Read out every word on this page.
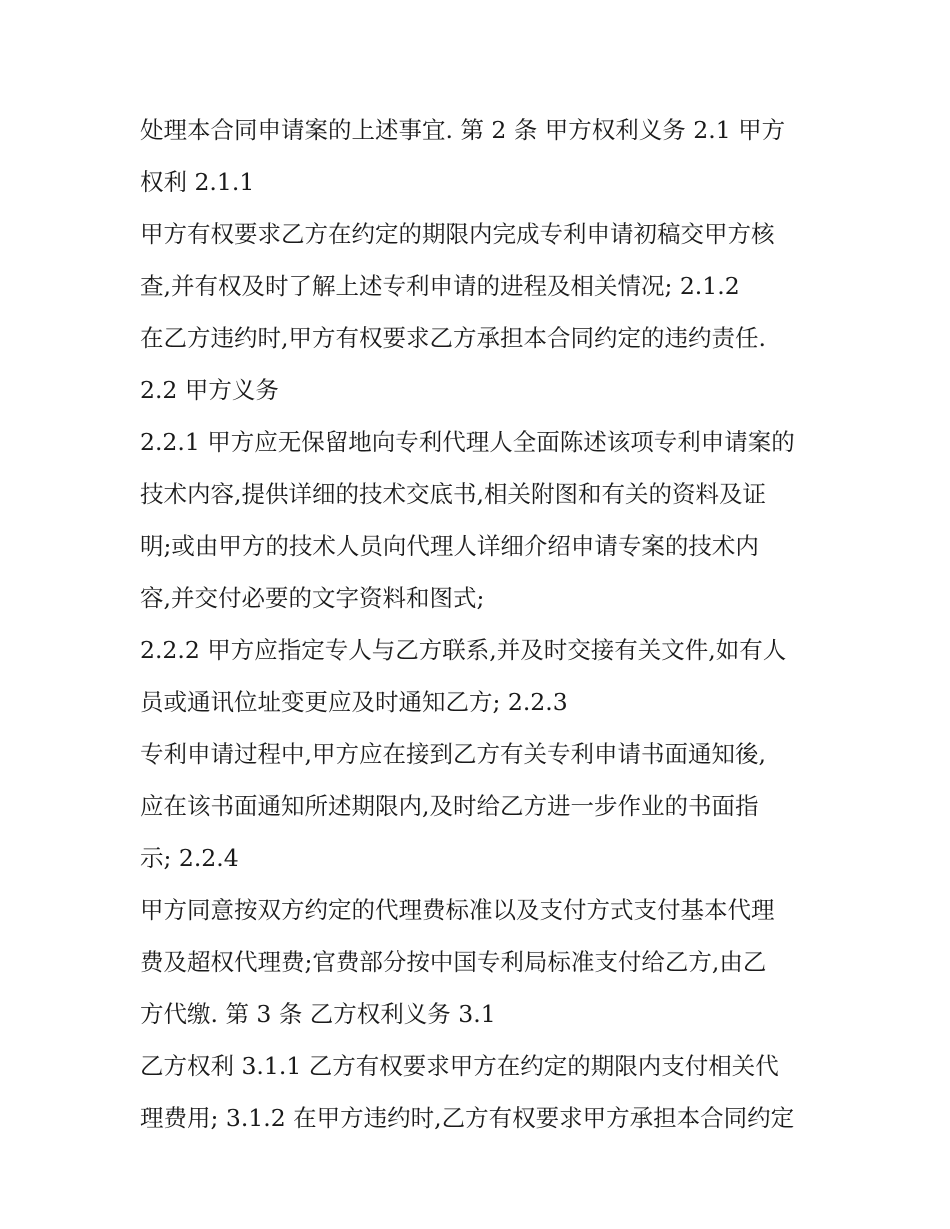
处理本合同申请案的上述事宜. 第 2 条 甲方权利义务 2.1 甲方
权利 2.1.1
甲方有权要求乙方在约定的期限内完成专利申请初稿交甲方核
查,并有权及时了解上述专利申请的进程及相关情况; 2.1.2
在乙方违约时,甲方有权要求乙方承担本合同约定的违约责任.
2.2 甲方义务
2.2.1 甲方应无保留地向专利代理人全面陈述该项专利申请案的
技术内容,提供详细的技术交底书,相关附图和有关的资料及证
明;或由甲方的技术人员向代理人详细介绍申请专案的技术内
容,并交付必要的文字资料和图式;
2.2.2 甲方应指定专人与乙方联系,并及时交接有关文件,如有人
员或通讯位址变更应及时通知乙方; 2.2.3
专利申请过程中,甲方应在接到乙方有关专利申请书面通知後,
应在该书面通知所述期限内,及时给乙方进一步作业的书面指
示; 2.2.4
甲方同意按双方约定的代理费标准以及支付方式支付基本代理
费及超权代理费;官费部分按中国专利局标准支付给乙方,由乙
方代缴. 第 3 条 乙方权利义务 3.1
乙方权利 3.1.1 乙方有权要求甲方在约定的期限内支付相关代
理费用; 3.1.2 在甲方违约时,乙方有权要求甲方承担本合同约定
